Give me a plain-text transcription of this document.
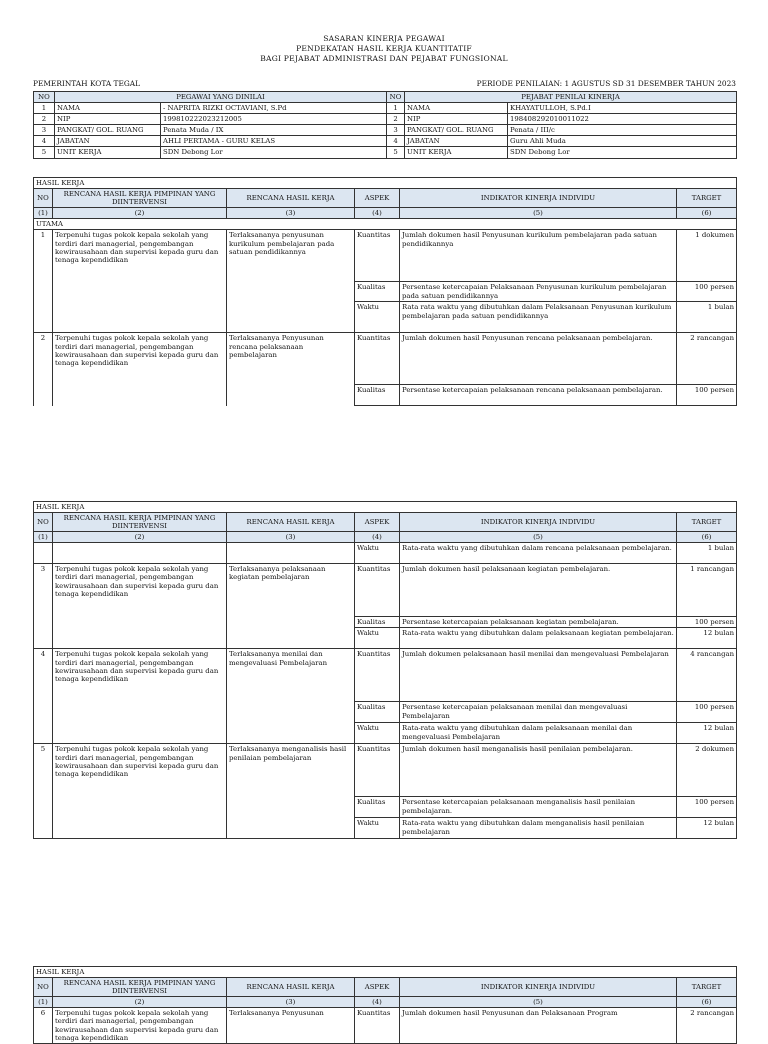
SASARAN KINERJA PEGAWAI
PENDEKATAN HASIL KERJA KUANTITATIF
BAGI PEJABAT ADMINISTRASI DAN PEJABAT FUNGSIONAL
PEMERINTAH KOTA TEGAL	PERIODE PENILAIAN: 1 AGUSTUS SD 31 DESEMBER TAHUN 2023
NO	PEGAWAI YANG DINILAI		NO	PEJABAT PENILAI KINERJA	
1	NAMA	- NAPRITA RIZKI OCTAVIANI, S.Pd	1	NAMA	KHAYATULLOH, S.Pd.I
2	NIP	199810222023212005	2	NIP	198408292010011022
3	PANGKAT/ GOL. RUANG	Penata Muda / IX	3	PANGKAT/ GOL. RUANG	Penata / III/c
4	JABATAN	AHLI PERTAMA - GURU KELAS	4	JABATAN	Guru Ahli Muda
5	UNIT KERJA	SDN Debong Lor	5	UNIT KERJA	SDN Debong Lor
HASIL KERJA					
NO	RENCANA HASIL KERJA PIMPINAN YANG DIINTERVENSI	RENCANA HASIL KERJA	ASPEK	INDIKATOR KINERJA INDIVIDU	TARGET
(1)	(2)	(3)	(4)	(5)	(6)
UTAMA					
1	Terpenuhi tugas pokok kepala sekolah yang terdiri dari managerial, pengembangan kewirausahaan dan supervisi kepada guru dan tenaga kependidikan	Terlaksananya penyusunan kurikulum pembelajaran pada satuan pendidikannya	Kuantitas	Jumlah dokumen hasil Penyusunan kurikulum pembelajaran pada satuan pendidikannya	1 dokumen
			Kualitas	Persentase ketercapaian Pelaksanaan Penyusunan kurikulum pembelajaran pada satuan pendidikannya	100 persen
			Waktu	Rata rata waktu yang dibutuhkan dalam Pelaksanaan Penyusunan kurikulum pembelajaran pada satuan pendidikannya	1 bulan
2	Terpenuhi tugas pokok kepala sekolah yang terdiri dari managerial, pengembangan kewirausahaan dan supervisi kepada guru dan tenaga kependidikan	Terlaksananya Penyusunan rencana pelaksanaan pembelajaran	Kuantitas	Jumlah dokumen hasil Penyusunan rencana pelaksanaan pembelajaran.	2 rancangan
			Kualitas	Persentase ketercapaian pelaksanaan rencana pelaksanaan pembelajaran.	100 persen
HASIL KERJA					
NO	RENCANA HASIL KERJA PIMPINAN YANG DIINTERVENSI	RENCANA HASIL KERJA	ASPEK	INDIKATOR KINERJA INDIVIDU	TARGET
(1)	(2)	(3)	(4)	(5)	(6)
			Waktu	Rata-rata waktu yang dibutuhkan dalam rencana pelaksanaan pembelajaran.	1 bulan
3	Terpenuhi tugas pokok kepala sekolah yang terdiri dari managerial, pengembangan kewirausahaan dan supervisi kepada guru dan tenaga kependidikan	Terlaksananya pelaksanaan kegiatan pembelajaran	Kuantitas	Jumlah dokumen hasil pelaksanaan kegiatan pembelajaran.	1 rancangan
			Kualitas	Persentase ketercapaian pelaksanaan kegiatan pembelajaran.	100 persen
			Waktu	Rata-rata waktu yang dibutuhkan dalam pelaksanaan kegiatan pembelajaran.	12 bulan
4	Terpenuhi tugas pokok kepala sekolah yang terdiri dari managerial, pengembangan kewirausahaan dan supervisi kepada guru dan tenaga kependidikan	Terlaksananya menilai dan mengevaluasi Pembelajaran	Kuantitas	Jumlah dokumen pelaksanaan hasil menilai dan mengevaluasi Pembelajaran	4 rancangan
			Kualitas	Persentase ketercapaian pelaksanaan menilai dan mengevaluasi Pembelajaran	100 persen
			Waktu	Rata-rata waktu yang dibutuhkan dalam pelaksanaan menilai dan mengevaluasi Pembelajaran	12 bulan
5	Terpenuhi tugas pokok kepala sekolah yang terdiri dari managerial, pengembangan kewirausahaan dan supervisi kepada guru dan tenaga kependidikan	Terlaksananya menganalisis hasil penilaian pembelajaran	Kuantitas	Jumlah dokumen hasil menganalisis hasil penilaian pembelajaran.	2 dokumen
			Kualitas	Persentase ketercapaian pelaksanaan menganalisis hasil penilaian pembelajaran.	100 persen
			Waktu	Rata-rata waktu yang dibutuhkan dalam menganalisis hasil penilaian pembelajaran	12 bulan
HASIL KERJA					
NO	RENCANA HASIL KERJA PIMPINAN YANG DIINTERVENSI	RENCANA HASIL KERJA	ASPEK	INDIKATOR KINERJA INDIVIDU	TARGET
(1)	(2)	(3)	(4)	(5)	(6)
6	Terpenuhi tugas pokok kepala sekolah yang terdiri dari managerial, pengembangan kewirausahaan dan supervisi kepada guru dan tenaga kependidikan	Terlaksananya Penyusunan	Kuantitas	Jumlah dokumen hasil Penyusunan dan Pelaksanaan Program	2 rancangan
